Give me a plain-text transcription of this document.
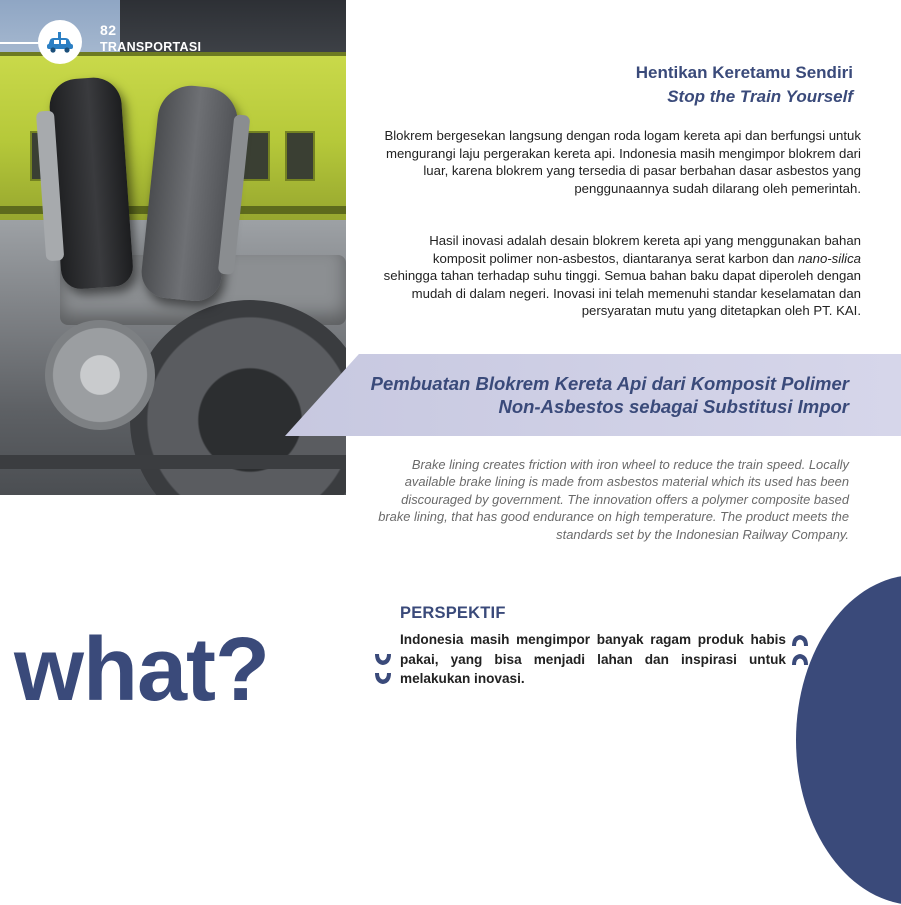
82
TRANSPORTASI
Hentikan Keretamu Sendiri
Stop the Train Yourself

Blokrem bergesekan langsung dengan roda logam kereta api dan berfungsi untuk mengurangi laju pergerakan kereta api. Indonesia masih mengimpor blokrem dari luar, karena blokrem yang tersedia di pasar berbahan dasar asbestos yang penggunaannya sudah dilarang oleh pemerintah.

Hasil inovasi adalah desain blokrem kereta api yang menggunakan bahan komposit polimer non-asbestos, diantaranya serat karbon dan nano-silica sehingga tahan terhadap suhu tinggi. Semua bahan baku dapat diperoleh dengan mudah di dalam negeri. Inovasi ini telah memenuhi standar keselamatan dan persyaratan mutu yang ditetapkan oleh PT. KAI.

Pembuatan Blokrem Kereta Api dari Komposit Polimer
Non-Asbestos sebagai Substitusi Impor

Brake lining creates friction with iron wheel to reduce the train speed. Locally available brake lining is made from asbestos material which its used has been discouraged by government. The innovation offers a polymer composite based brake lining, that has good endurance on high temperature. The product meets the standards set by the Indonesian Railway Company.

PERSPEKTIF

Indonesia masih mengimpor banyak ragam produk habis pakai, yang bisa menjadi lahan dan inspirasi untuk melakukan inovasi.

what?
